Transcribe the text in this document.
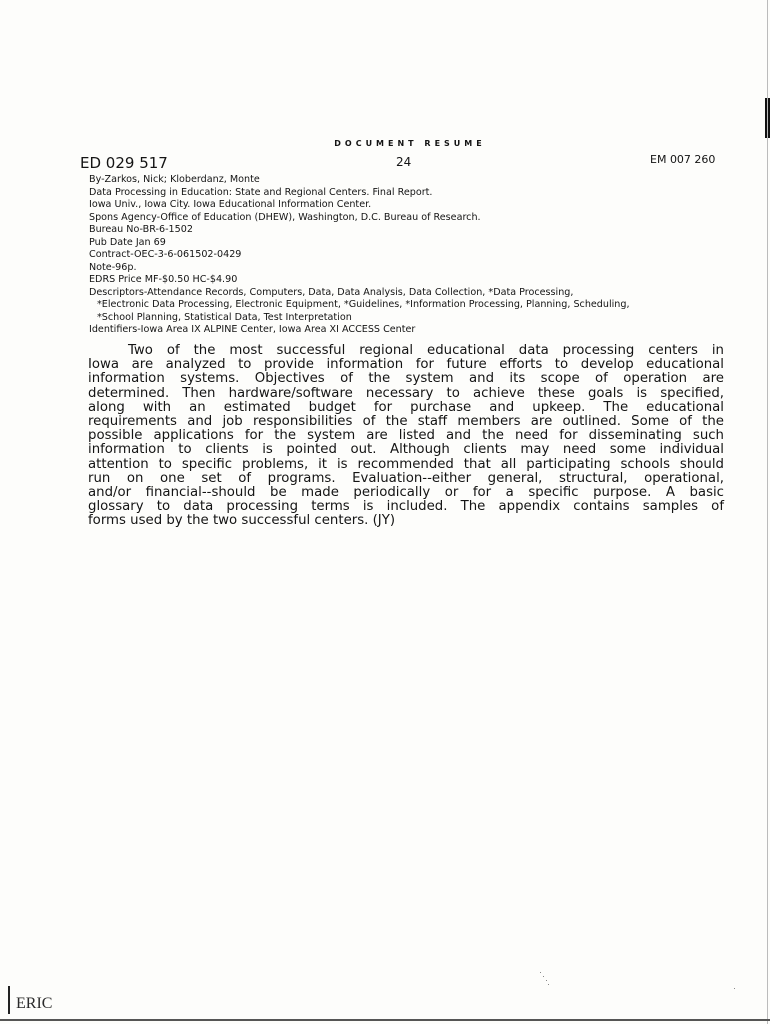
DOCUMENT RESUME
ED 029 517	24	EM 007 260
By-Zarkos, Nick; Kloberdanz, Monte
Data Processing in Education: State and Regional Centers. Final Report.
Iowa Univ., Iowa City. Iowa Educational Information Center.
Spons Agency-Office of Education (DHEW), Washington, D.C. Bureau of Research.
Bureau No-BR-6-1502
Pub Date Jan 69
Contract-OEC-3-6-061502-0429
Note-96p.
EDRS Price MF-$0.50 HC-$4.90
Descriptors-Attendance Records, Computers, Data, Data Analysis, Data Collection, *Data Processing,
*Electronic Data Processing, Electronic Equipment, *Guidelines, *Information Processing, Planning, Scheduling,
*School Planning, Statistical Data, Test Interpretation
Identifiers-Iowa Area IX ALPINE Center, Iowa Area XI ACCESS Center
Two of the most successful regional educational data processing centers in
Iowa are analyzed to provide information for future efforts to develop educational
information systems. Objectives of the system and its scope of operation are
determined. Then hardware/software necessary to achieve these goals is specified,
along with an estimated budget for purchase and upkeep. The educational
requirements and job responsibilities of the staff members are outlined. Some of the
possible applications for the system are listed and the need for disseminating such
information to clients is pointed out. Although clients may need some individual
attention to specific problems, it is recommended that all participating schools should
run on one set of programs. Evaluation--either general, structural, operational,
and/or financial--should be made periodically or for a specific purpose. A basic
glossary to data processing terms is included. The appendix contains samples of
forms used by the two successful centers. (JY)
ERIC
